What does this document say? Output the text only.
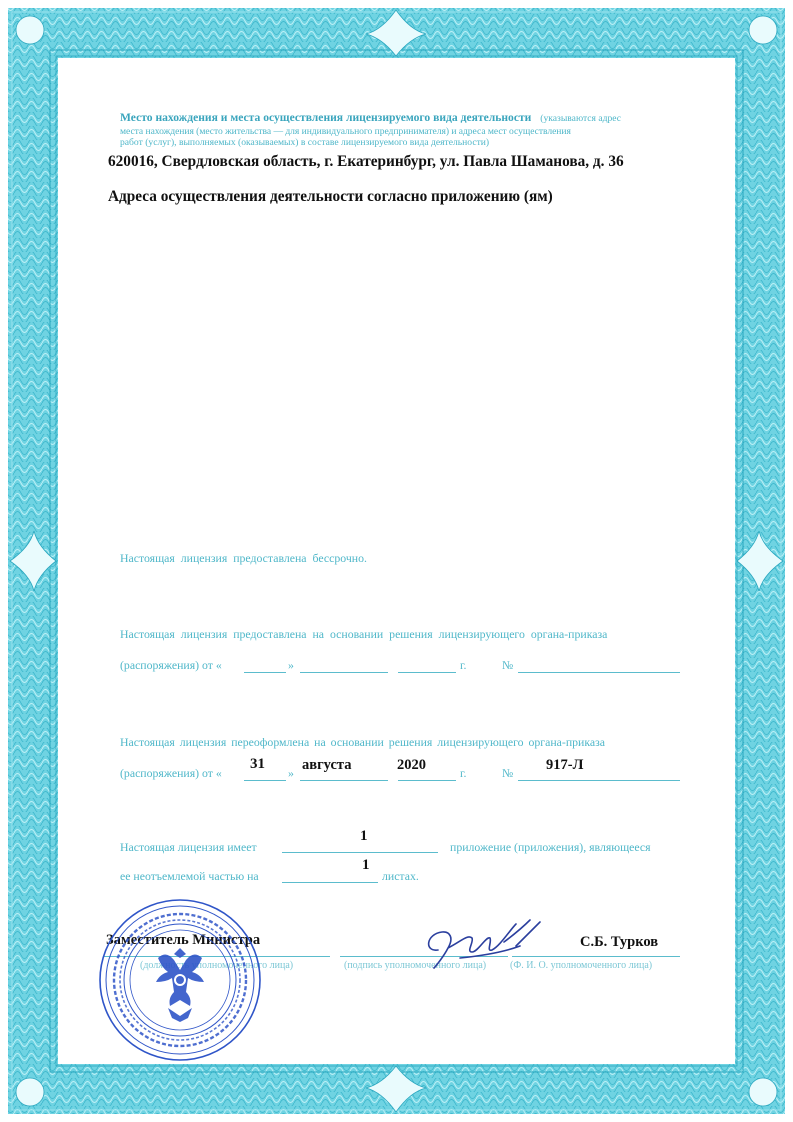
Место нахождения и места осуществления лицензируемого вида деятельности (указываются адрес
места нахождения (место жительства — для индивидуального предпринимателя) и адреса мест осуществления
работ (услуг), выполняемых (оказываемых) в составе лицензируемого вида деятельности)
620016, Свердловская область, г. Екатеринбург, ул. Павла Шаманова, д. 36
Адреса осуществления деятельности согласно приложению (ям)
Настоящая лицензия предоставлена бессрочно.
Настоящая лицензия предоставлена на основании решения лицензирующего органа-приказа
(распоряжения) от «	»	г.	№
Настоящая лицензия переоформлена на основании решения лицензирующего органа-приказа
(распоряжения) от «
31
» августа	2020	г.	№ 917-Л
Настоящая лицензия имеет
1
приложение (приложения), являющееся
ее неотъемлемой частью на
1
листах.
Заместитель Министра
(должность уполномоченного лица)	(подпись уполномоченного лица)
С.Б. Турков
(Ф. И. О. уполномоченного лица)
